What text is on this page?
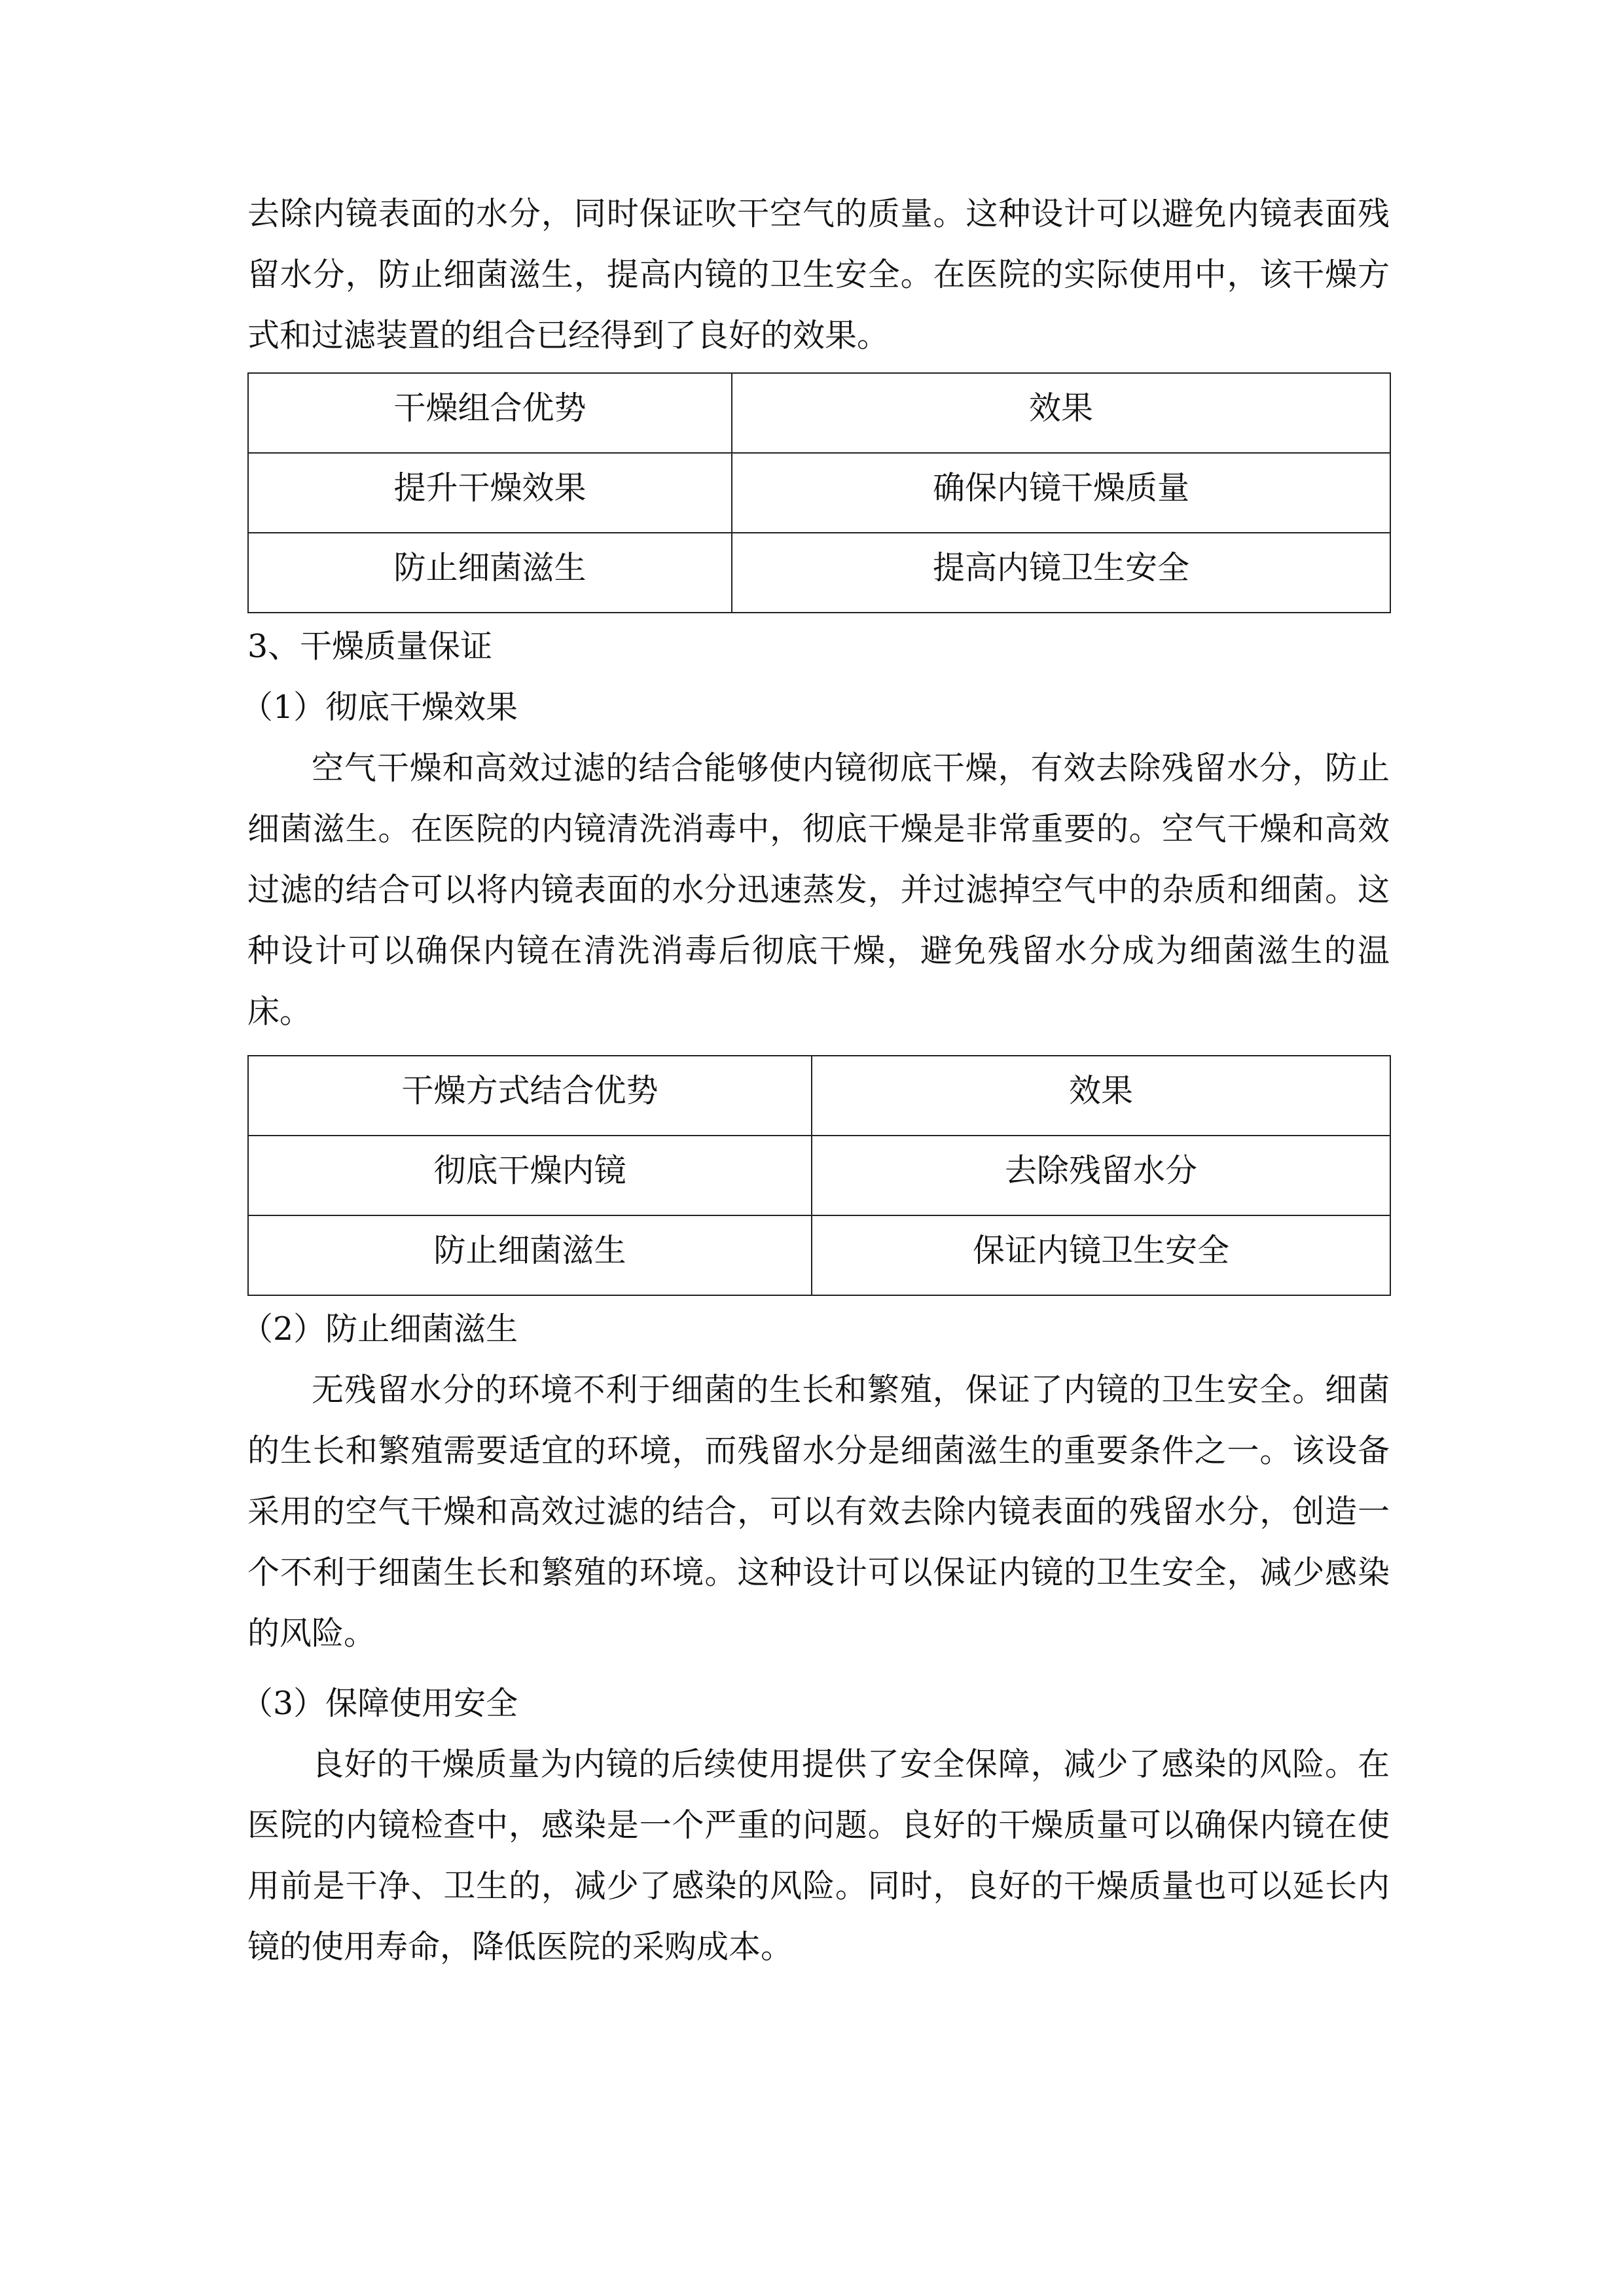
去除内镜表面的水分，同时保证吹干空气的质量。这种设计可以避免内镜表面残留水分，防止细菌滋生，提高内镜的卫生安全。在医院的实际使用中，该干燥方式和过滤装置的组合已经得到了良好的效果。

干燥组合优势	效果
提升干燥效果	确保内镜干燥质量
防止细菌滋生	提高内镜卫生安全

3、干燥质量保证

（1）彻底干燥效果

空气干燥和高效过滤的结合能够使内镜彻底干燥，有效去除残留水分，防止细菌滋生。在医院的内镜清洗消毒中，彻底干燥是非常重要的。空气干燥和高效过滤的结合可以将内镜表面的水分迅速蒸发，并过滤掉空气中的杂质和细菌。这种设计可以确保内镜在清洗消毒后彻底干燥，避免残留水分成为细菌滋生的温床。

干燥方式结合优势	效果
彻底干燥内镜	去除残留水分
防止细菌滋生	保证内镜卫生安全

（2）防止细菌滋生

无残留水分的环境不利于细菌的生长和繁殖，保证了内镜的卫生安全。细菌的生长和繁殖需要适宜的环境，而残留水分是细菌滋生的重要条件之一。该设备采用的空气干燥和高效过滤的结合，可以有效去除内镜表面的残留水分，创造一个不利于细菌生长和繁殖的环境。这种设计可以保证内镜的卫生安全，减少感染的风险。

（3）保障使用安全

良好的干燥质量为内镜的后续使用提供了安全保障，减少了感染的风险。在医院的内镜检查中，感染是一个严重的问题。良好的干燥质量可以确保内镜在使用前是干净、卫生的，减少了感染的风险。同时，良好的干燥质量也可以延长内镜的使用寿命，降低医院的采购成本。
